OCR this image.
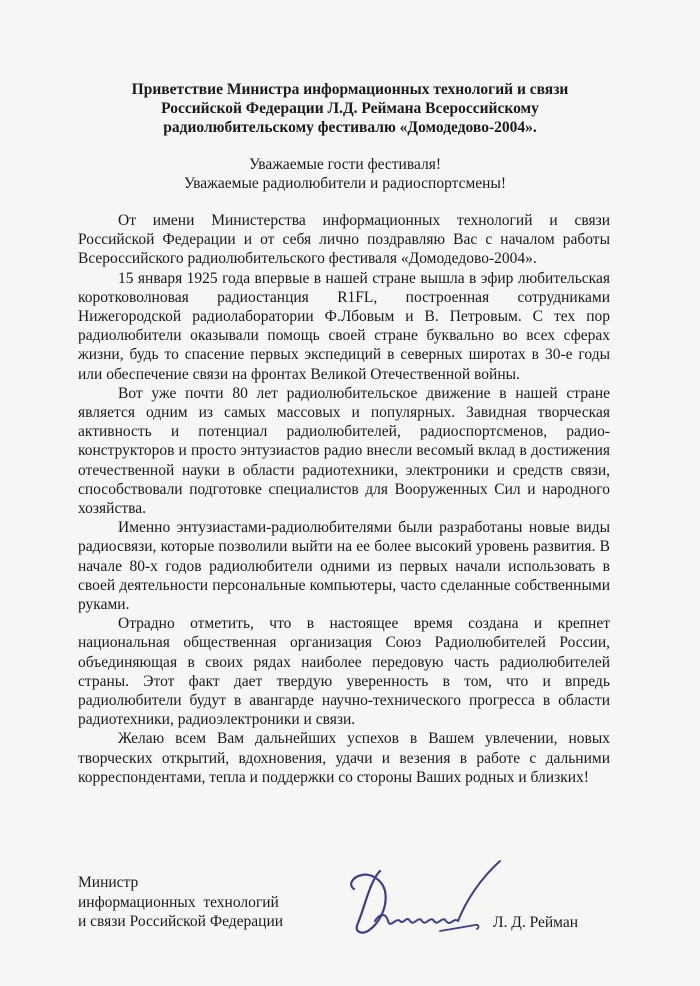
Приветствие Министра информационных технологий и связи
Российской Федерации Л.Д. Реймана Всероссийскому
радиолюбительскому фестивалю «Домодедово-2004».
Уважаемые гости фестиваля!
Уважаемые радиолюбители и радиоспортсмены!

От имени Министерства информационных технологий и связи Российской Федерации и от себя лично поздравляю Вас с началом работы Всероссийского радиолюбительского фестиваля «Домодедово-2004».

15 января 1925 года впервые в нашей стране вышла в эфир любительская коротковолновая радиостанция R1FL, построенная сотрудниками Нижегородской радиолаборатории Ф.Лбовым и В. Петровым. С тех пор радиолюбители оказывали помощь своей стране буквально во всех сферах жизни, будь то спасение первых экспедиций в северных широтах в 30-е годы или обеспечение связи на фронтах Великой Отечественной войны.

Вот уже почти 80 лет радиолюбительское движение в нашей стране является одним из самых массовых и популярных. Завидная творческая активность и потенциал радиолюбителей, радиоспортсменов, радио-конструкторов и просто энтузиастов радио внесли весомый вклад в достижения отечественной науки в области радиотехники, электроники и средств связи, способствовали подготовке специалистов для Вооруженных Сил и народного хозяйства.

Именно энтузиастами-радиолюбителями были разработаны новые виды радиосвязи, которые позволили выйти на ее более высокий уровень развития. В начале 80-х годов радиолюбители одними из первых начали использовать в своей деятельности персональные компьютеры, часто сделанные собственными руками.

Отрадно отметить, что в настоящее время создана и крепнет национальная общественная организация Союз Радиолюбителей России, объединяющая в своих рядах наиболее передовую часть радиолюбителей страны. Этот факт дает твердую уверенность в том, что и впредь радиолюбители будут в авангарде научно-технического прогресса в области радиотехники, радиоэлектроники и связи.

Желаю всем Вам дальнейших успехов в Вашем увлечении, новых творческих открытий, вдохновения, удачи и везения в работе с дальними корреспондентами, тепла и поддержки со стороны Ваших родных и близких!

Министр
информационных  технологий
и связи Российской Федерации	Л. Д. Рейман
